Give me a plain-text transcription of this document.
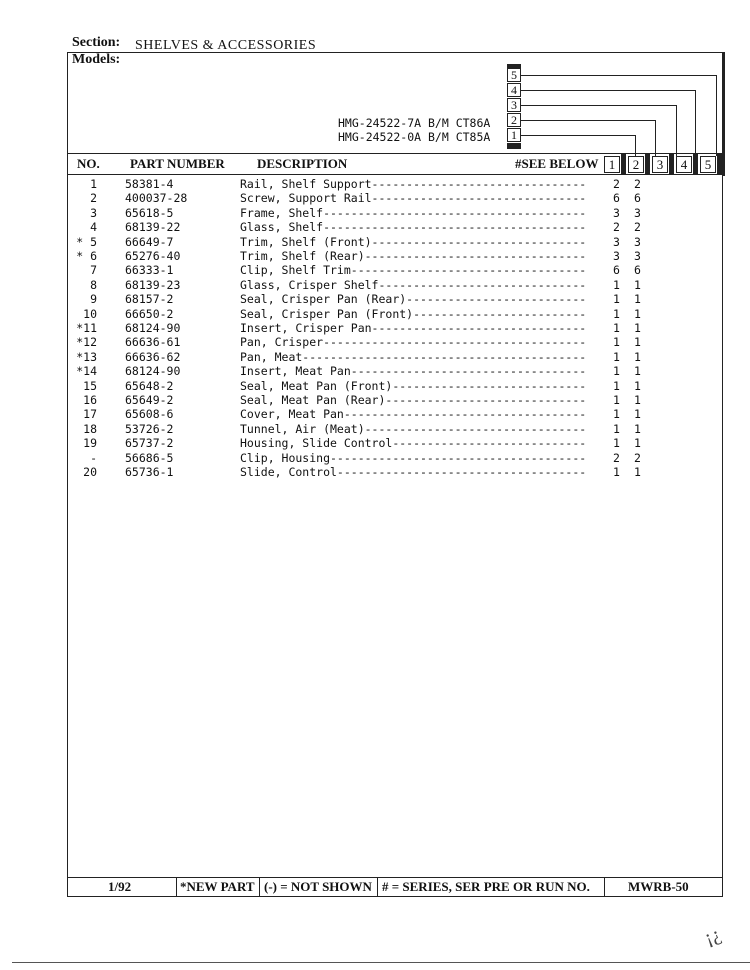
Section: SHELVES & ACCESSORIES
Models:
HMG-24522-7A B/M CT86A
HMG-24522-0A B/M CT85A
5
4
3
2
1
NO. PART NUMBER DESCRIPTION	#SEE BELOW 1	2	3	4	5
1 58381-4	Rail, Shelf Support------------------------------- 2 2
2 400037-28	Screw, Support Rail------------------------------- 6 6
3 65618-5	Frame, Shelf-------------------------------------- 3 3
4 68139-22	Glass, Shelf-------------------------------------- 2 2
* 5 66649-7	Trim, Shelf (Front)------------------------------- 3 3
* 6 65276-40	Trim, Shelf (Rear)-------------------------------- 3 3
7 66333-1	Clip, Shelf Trim---------------------------------- 6 6
8 68139-23	Glass, Crisper Shelf------------------------------ 1 1
9 68157-2	Seal, Crisper Pan (Rear)-------------------------- 1 1
10 66650-2	Seal, Crisper Pan (Front)------------------------- 1 1
*11 68124-90	Insert, Crisper Pan------------------------------- 1 1
*12 66636-61	Pan, Crisper-------------------------------------- 1 1
*13 66636-62	Pan, Meat----------------------------------------- 1 1
*14 68124-90	Insert, Meat Pan---------------------------------- 1 1
15 65648-2	Seal, Meat Pan (Front)---------------------------- 1 1
16 65649-2	Seal, Meat Pan (Rear)----------------------------- 1 1
17 65608-6	Cover, Meat Pan----------------------------------- 1 1
18 53726-2	Tunnel, Air (Meat)-------------------------------- 1 1
19 65737-2	Housing, Slide Control---------------------------- 1 1
- 56686-5	Clip, Housing------------------------------------- 2 2
20 65736-1	Slide, Control------------------------------------ 1 1
1/92	*NEW PART (-) = NOT SHOWN # = SERIES, SER PRE OR RUN NO.	MWRB-50
¡¿
